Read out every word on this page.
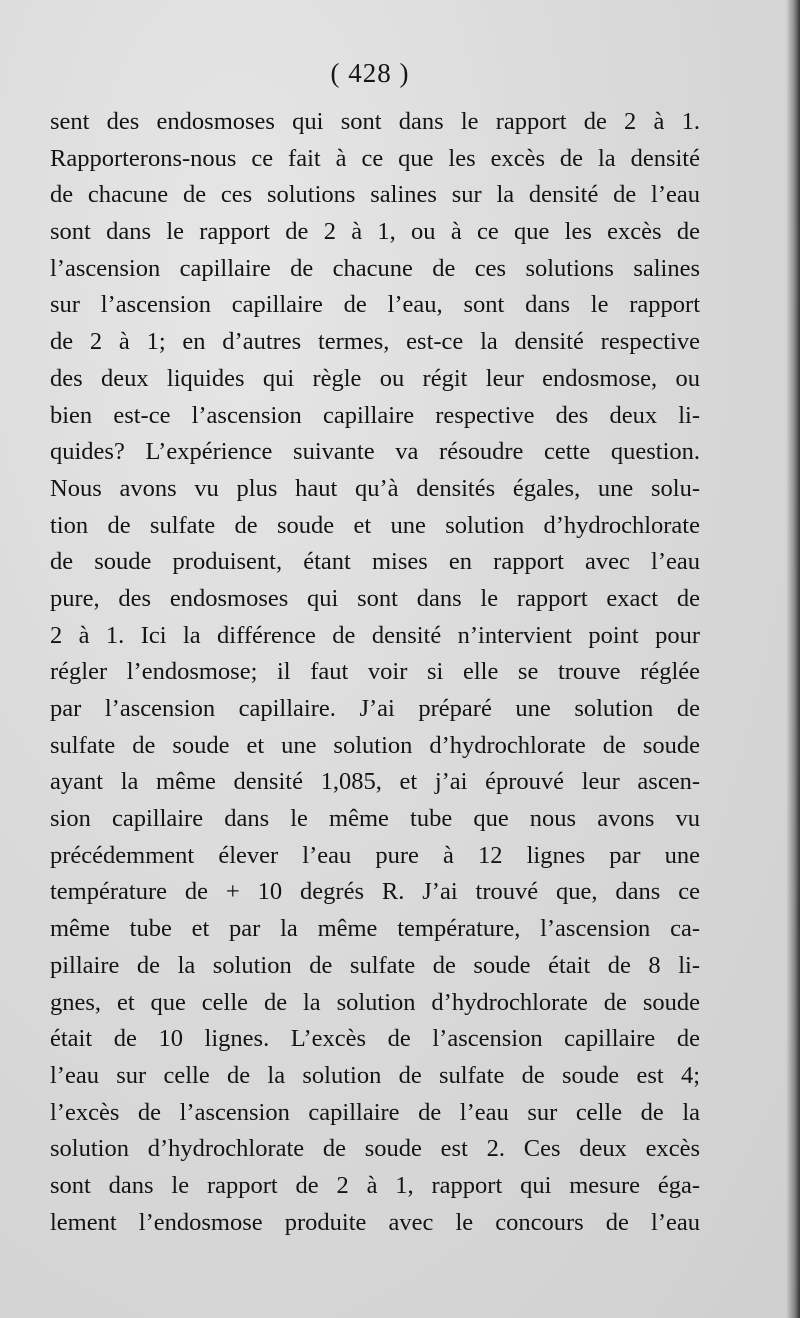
( 428 )
sent des endosmoses qui sont dans le rapport de 2 à 1.
Rapporterons-nous ce fait à ce que les excès de la densité
de chacune de ces solutions salines sur la densité de l’eau
sont dans le rapport de 2 à 1, ou à ce que les excès de
l’ascension capillaire de chacune de ces solutions salines
sur l’ascension capillaire de l’eau, sont dans le rapport
de 2 à 1; en d’autres termes, est-ce la densité respective
des deux liquides qui règle ou régit leur endosmose, ou
bien est-ce l’ascension capillaire respective des deux li-
quides? L’expérience suivante va résoudre cette question.
Nous avons vu plus haut qu’à densités égales, une solu-
tion de sulfate de soude et une solution d’hydrochlorate
de soude produisent, étant mises en rapport avec l’eau
pure, des endosmoses qui sont dans le rapport exact de
2 à 1. Ici la différence de densité n’intervient point pour
régler l’endosmose; il faut voir si elle se trouve réglée
par l’ascension capillaire. J’ai préparé une solution de
sulfate de soude et une solution d’hydrochlorate de soude
ayant la même densité 1,085, et j’ai éprouvé leur ascen-
sion capillaire dans le même tube que nous avons vu
précédemment élever l’eau pure à 12 lignes par une
température de + 10 degrés R. J’ai trouvé que, dans ce
même tube et par la même température, l’ascension ca-
pillaire de la solution de sulfate de soude était de 8 li-
gnes, et que celle de la solution d’hydrochlorate de soude
était de 10 lignes. L’excès de l’ascension capillaire de
l’eau sur celle de la solution de sulfate de soude est 4;
l’excès de l’ascension capillaire de l’eau sur celle de la
solution d’hydrochlorate de soude est 2. Ces deux excès
sont dans le rapport de 2 à 1, rapport qui mesure éga-
lement l’endosmose produite avec le concours de l’eau
